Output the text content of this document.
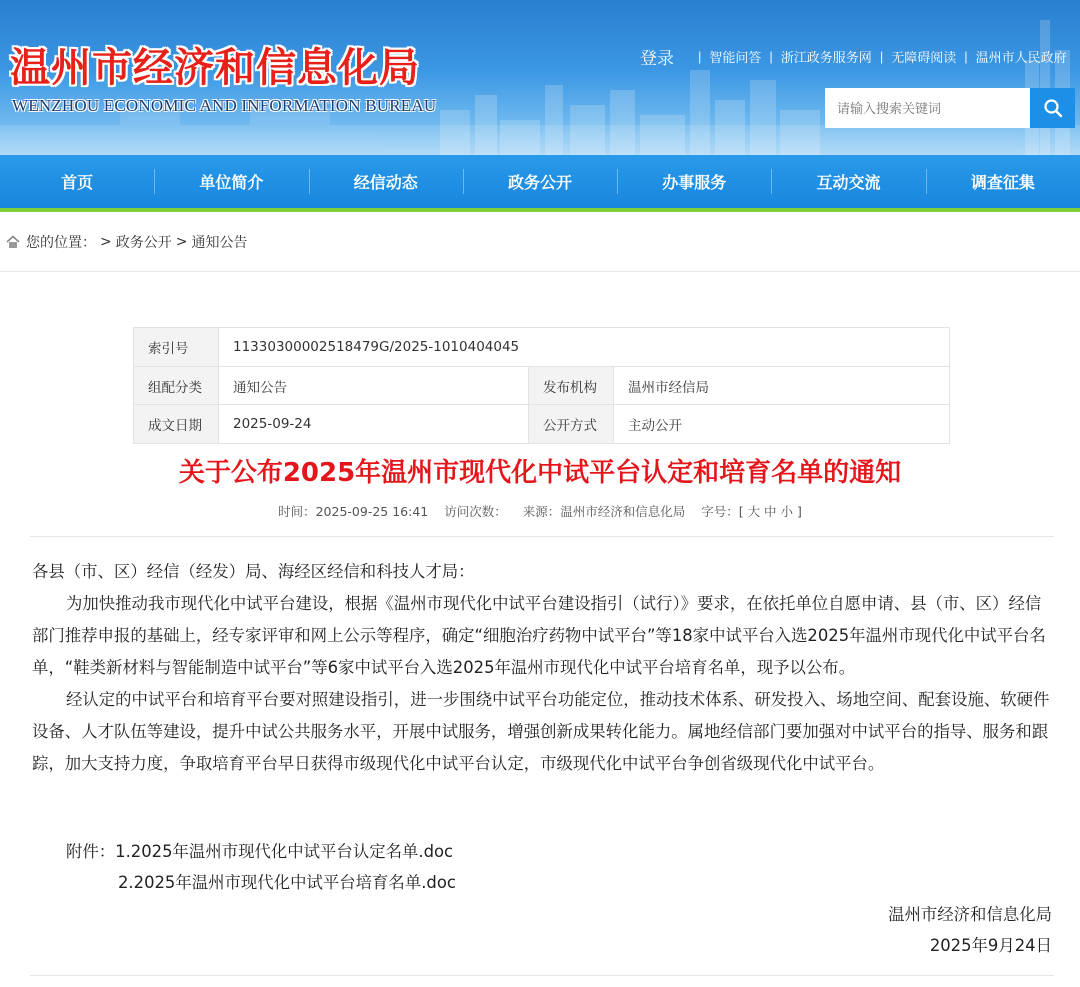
温州市经济和信息化局
WENZHOU ECONOMIC AND INFORMATION BUREAU
登录 | 智能问答 | 浙江政务服务网 | 无障碍阅读 | 温州市人民政府
请输入搜索关键词
首页	单位简介	经信动态	政务公开	办事服务	互动交流	调查征集
您的位置： > 政务公开 > 通知公告
索引号	11330300002518479G/2025-1010404045		
组配分类	通知公告	发布机构	温州市经信局
成文日期	2025-09-24	公开方式	主动公开
关于公布2025年温州市现代化中试平台认定和培育名单的通知
时间：2025-09-25 16:41 访问次数： 来源：温州市经济和信息化局 字号：[ 大 中 小 ]

各县（市、区）经信（经发）局、海经区经信和科技人才局：

为加快推动我市现代化中试平台建设，根据《温州市现代化中试平台建设指引（试行）》要求，在依托单位自愿申请、县（市、区）经信部门推荐申报的基础上，经专家评审和网上公示等程序，确定“细胞治疗药物中试平台”等18家中试平台入选2025年温州市现代化中试平台名单，“鞋类新材料与智能制造中试平台”等6家中试平台入选2025年温州市现代化中试平台培育名单，现予以公布。

经认定的中试平台和培育平台要对照建设指引，进一步围绕中试平台功能定位，推动技术体系、研发投入、场地空间、配套设施、软硬件设备、人才队伍等建设，提升中试公共服务水平，开展中试服务，增强创新成果转化能力。属地经信部门要加强对中试平台的指导、服务和跟踪，加大支持力度，争取培育平台早日获得市级现代化中试平台认定，市级现代化中试平台争创省级现代化中试平台。

附件：1.2025年温州市现代化中试平台认定名单.doc
2.2025年温州市现代化中试平台培育名单.doc
温州市经济和信息化局
2025年9月24日
